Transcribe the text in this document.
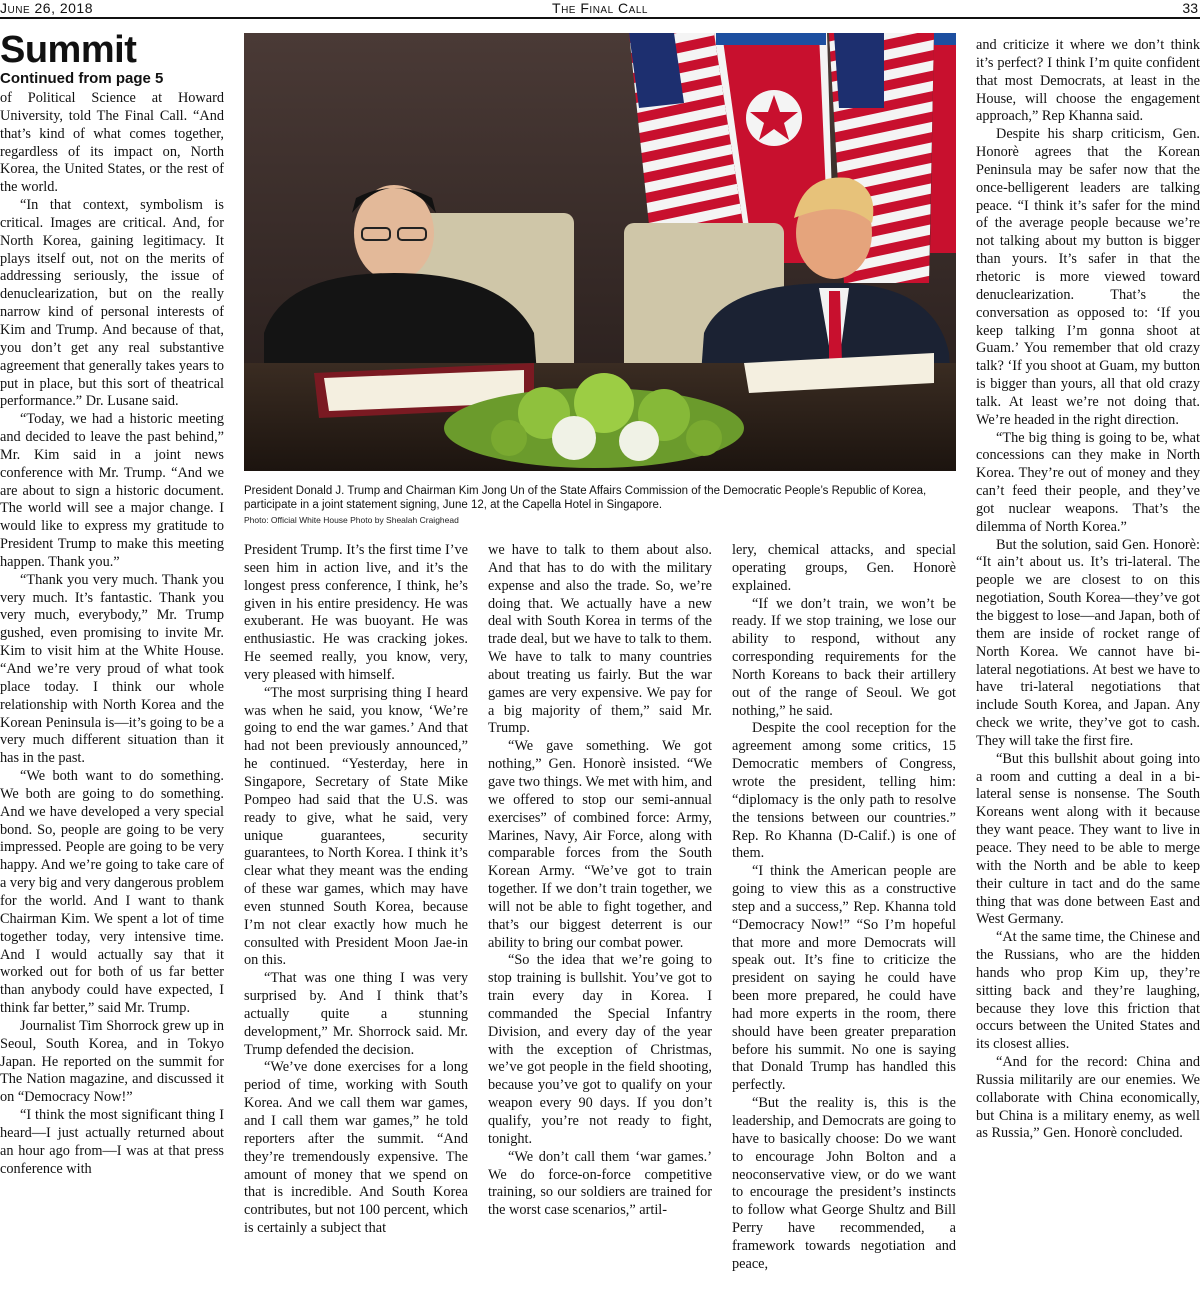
June 26, 2018	The Final Call	33
Summit
Continued from page 5

of Political Science at Howard University, told The Final Call. “And that’s kind of what comes together, regardless of its impact on, North Korea, the United States, or the rest of the world.

“In that context, symbolism is critical. Images are critical. And, for North Korea, gaining legitimacy. It plays itself out, not on the merits of addressing seriously, the issue of denuclearization, but on the really narrow kind of personal interests of Kim and Trump. And because of that, you don’t get any real substantive agreement that generally takes years to put in place, but this sort of theatrical performance.” Dr. Lusane said.

“Today, we had a historic meeting and decided to leave the past behind,” Mr. Kim said in a joint news conference with Mr. Trump. “And we are about to sign a historic document. The world will see a major change. I would like to express my gratitude to President Trump to make this meeting happen. Thank you.”

“Thank you very much. Thank you very much. It’s fantastic. Thank you very much, everybody,” Mr. Trump gushed, even promising to invite Mr. Kim to visit him at the White House. “And we’re very proud of what took place today. I think our whole relationship with North Korea and the Korean Peninsula is—it’s going to be a very much different situation than it has in the past.

“We both want to do something. We both are going to do something. And we have developed a very special bond. So, people are going to be very impressed. People are going to be very happy. And we’re going to take care of a very big and very dangerous problem for the world. And I want to thank Chairman Kim. We spent a lot of time together today, very intensive time. And I would actually say that it worked out for both of us far better than anybody could have expected, I think far better,” said Mr. Trump.

Journalist Tim Shorrock grew up in Seoul, South Korea, and in Tokyo Japan. He reported on the summit for The Nation magazine, and discussed it on “Democracy Now!”

“I think the most significant thing I heard—I just actually returned about an hour ago from—I was at that press conference with

President Donald J. Trump and Chairman Kim Jong Un of the State Affairs Commission of the Democratic People’s Republic of Korea, participate in a joint statement signing, June 12, at the Capella Hotel in Singapore.
Photo: Official White House Photo by Shealah Craighead

President Trump. It’s the first time I’ve seen him in action live, and it’s the longest press conference, I think, he’s given in his entire presidency. He was exuberant. He was buoyant. He was enthusiastic. He was cracking jokes. He seemed really, you know, very, very pleased with himself.

“The most surprising thing I heard was when he said, you know, ‘We’re going to end the war games.’ And that had not been previously announced,” he continued. “Yesterday, here in Singapore, Secretary of State Mike Pompeo had said that the U.S. was ready to give, what he said, very unique guarantees, security guarantees, to North Korea. I think it’s clear what they meant was the ending of these war games, which may have even stunned South Korea, because I’m not clear exactly how much he consulted with President Moon Jae-in on this.

“That was one thing I was very surprised by. And I think that’s actually quite a stunning development,” Mr. Shorrock said. Mr. Trump defended the decision.

“We’ve done exercises for a long period of time, working with South Korea. And we call them war games, and I call them war games,” he told reporters after the summit. “And they’re tremendously expensive. The amount of money that we spend on that is incredible. And South Korea contributes, but not 100 percent, which is certainly a subject that

we have to talk to them about also. And that has to do with the military expense and also the trade. So, we’re doing that. We actually have a new deal with South Korea in terms of the trade deal, but we have to talk to them. We have to talk to many countries about treating us fairly. But the war games are very expensive. We pay for a big majority of them,” said Mr. Trump.

“We gave something. We got nothing,” Gen. Honorè insisted. “We gave two things. We met with him, and we offered to stop our semi-annual exercises” of combined force: Army, Marines, Navy, Air Force, along with comparable forces from the South Korean Army. “We’ve got to train together. If we don’t train together, we will not be able to fight together, and that’s our biggest deterrent is our ability to bring our combat power.

“So the idea that we’re going to stop training is bullshit. You’ve got to train every day in Korea. I commanded the Special Infantry Division, and every day of the year with the exception of Christmas, we’ve got people in the field shooting, because you’ve got to qualify on your weapon every 90 days. If you don’t qualify, you’re not ready to fight, tonight.

“We don’t call them ‘war games.’ We do force-on-force competitive training, so our soldiers are trained for the worst case scenarios,” artil-

lery, chemical attacks, and special operating groups, Gen. Honorè explained.

“If we don’t train, we won’t be ready. If we stop training, we lose our ability to respond, without any corresponding requirements for the North Koreans to back their artillery out of the range of Seoul. We got nothing,” he said.

Despite the cool reception for the agreement among some critics, 15 Democratic members of Congress, wrote the president, telling him: “diplomacy is the only path to resolve the tensions between our countries.” Rep. Ro Khanna (D-Calif.) is one of them.

“I think the American people are going to view this as a constructive step and a success,” Rep. Khanna told “Democracy Now!” “So I’m hopeful that more and more Democrats will speak out. It’s fine to criticize the president on saying he could have been more prepared, he could have had more experts in the room, there should have been greater preparation before his summit. No one is saying that Donald Trump has handled this perfectly.

“But the reality is, this is the leadership, and Democrats are going to have to basically choose: Do we want to encourage John Bolton and a neoconservative view, or do we want to encourage the president’s instincts to follow what George Shultz and Bill Perry have recommended, a framework towards negotiation and peace,

and criticize it where we don’t think it’s perfect? I think I’m quite confident that most Democrats, at least in the House, will choose the engagement approach,” Rep Khanna said.

Despite his sharp criticism, Gen. Honorè agrees that the Korean Peninsula may be safer now that the once-belligerent leaders are talking peace. “I think it’s safer for the mind of the average people because we’re not talking about my button is bigger than yours. It’s safer in that the rhetoric is more viewed toward denuclearization. That’s the conversation as opposed to: ‘If you keep talking I’m gonna shoot at Guam.’ You remember that old crazy talk? ‘If you shoot at Guam, my button is bigger than yours, all that old crazy talk. At least we’re not doing that. We’re headed in the right direction.

“The big thing is going to be, what concessions can they make in North Korea. They’re out of money and they can’t feed their people, and they’ve got nuclear weapons. That’s the dilemma of North Korea.”

But the solution, said Gen. Honorè: “It ain’t about us. It’s tri-lateral. The people we are closest to on this negotiation, South Korea—they’ve got the biggest to lose—and Japan, both of them are inside of rocket range of North Korea. We cannot have bi-lateral negotiations. At best we have to have tri-lateral negotiations that include South Korea, and Japan. Any check we write, they’ve got to cash. They will take the first fire.

“But this bullshit about going into a room and cutting a deal in a bi-lateral sense is nonsense. The South Koreans went along with it because they want peace. They want to live in peace. They need to be able to merge with the North and be able to keep their culture in tact and do the same thing that was done between East and West Germany.

“At the same time, the Chinese and the Russians, who are the hidden hands who prop Kim up, they’re sitting back and they’re laughing, because they love this friction that occurs between the United States and its closest allies.

“And for the record: China and Russia militarily are our enemies. We collaborate with China economically, but China is a military enemy, as well as Russia,” Gen. Honorè concluded.
